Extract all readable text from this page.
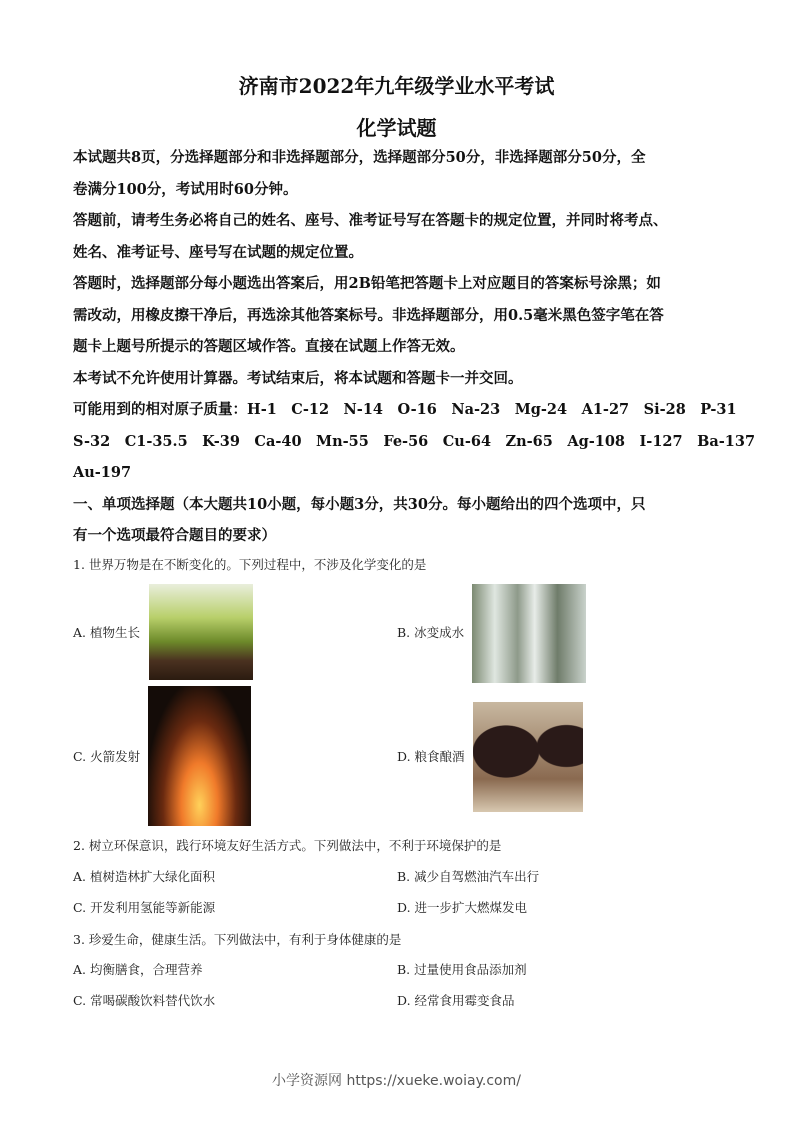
济南市2022年九年级学业水平考试
化学试题
本试题共8页，分选择题部分和非选择题部分，选择题部分50分，非选择题部分50分，全
卷满分100分，考试用时60分钟。
答题前，请考生务必将自己的姓名、座号、准考证号写在答题卡的规定位置，并同时将考点、
姓名、准考证号、座号写在试题的规定位置。
答题时，选择题部分每小题选出答案后，用2B铅笔把答题卡上对应题目的答案标号涂黑；如
需改动，用橡皮擦干净后，再选涂其他答案标号。非选择题部分，用0.5毫米黑色签字笔在答
题卡上题号所提示的答题区域作答。直接在试题上作答无效。
本考试不允许使用计算器。考试结束后，将本试题和答题卡一并交回。
可能用到的相对原子质量：H-1　C-12　N-14　O-16　Na-23　Mg-24　A1-27　Si-28　P-31
S-32　C1-35.5　K-39　Ca-40　Mn-55　Fe-56　Cu-64　Zn-65　Ag-108　I-127　Ba-137
Au-197
一、单项选择题（本大题共10小题，每小题3分，共30分。每小题给出的四个选项中，只
有一个选项最符合题目的要求）
1. 世界万物是在不断变化的。下列过程中，不涉及化学变化的是
A. 植物生长	B. 冰变成水
C. 火箭发射	D. 粮食酿酒
2. 树立环保意识，践行环境友好生活方式。下列做法中，不利于环境保护的是
A. 植树造林扩大绿化面积	B. 减少自驾燃油汽车出行
C. 开发利用氢能等新能源	D. 进一步扩大燃煤发电
3. 珍爱生命，健康生活。下列做法中，有利于身体健康的是
A. 均衡膳食，合理营养	B. 过量使用食品添加剂
C. 常喝碳酸饮料替代饮水	D. 经常食用霉变食品
小学资源网 https://xueke.woiay.com/
